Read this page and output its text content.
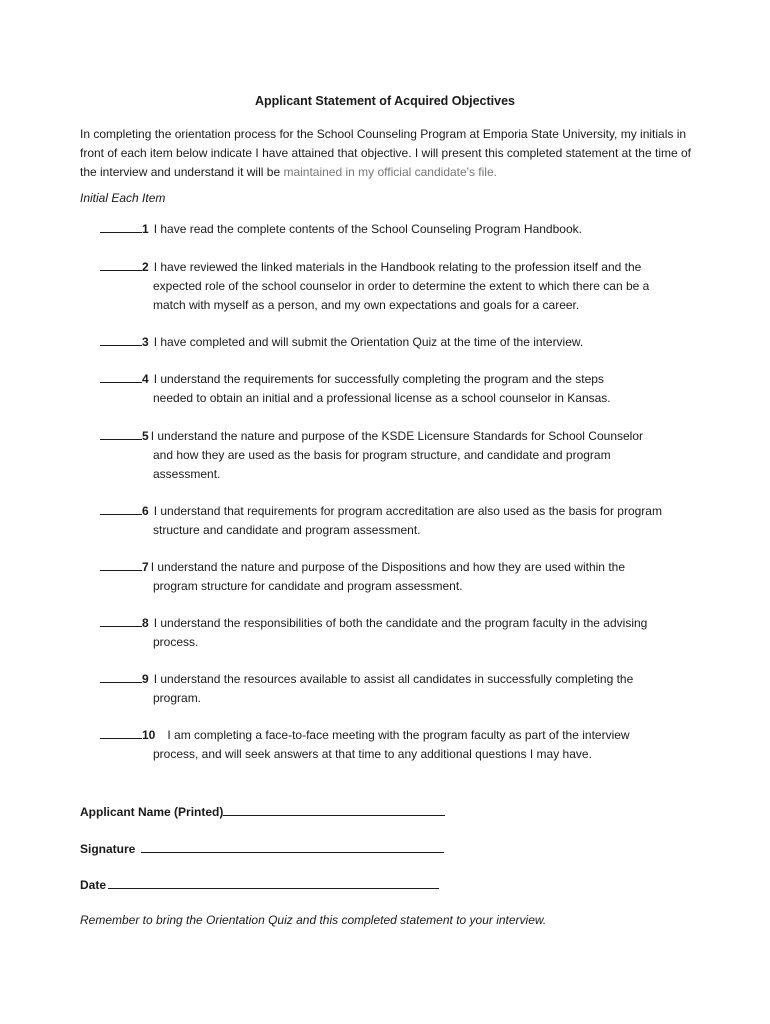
Applicant Statement of Acquired Objectives
In completing the orientation process for the School Counseling Program at Emporia State University, my initials in front of each item below indicate I have attained that objective. I will present this completed statement at the time of the interview and understand it will be maintained in my official candidate's file.
Initial Each Item
1 I have read the complete contents of the School Counseling Program Handbook.
2 I have reviewed the linked materials in the Handbook relating to the profession itself and the
expected role of the school counselor in order to determine the extent to which there can be a
match with myself as a person, and my own expectations and goals for a career.
3 I have completed and will submit the Orientation Quiz at the time of the interview.
4 I understand the requirements for successfully completing the program and the steps
needed to obtain an initial and a professional license as a school counselor in Kansas.
5 I understand the nature and purpose of the KSDE Licensure Standards for School Counselor
and how they are used as the basis for program structure, and candidate and program
assessment.
6 I understand that requirements for program accreditation are also used as the basis for program
structure and candidate and program assessment.
7 I understand the nature and purpose of the Dispositions and how they are used within the
program structure for candidate and program assessment.
8 I understand the responsibilities of both the candidate and the program faculty in the advising
process.
9 I understand the resources available to assist all candidates in successfully completing the
program.
10 I am completing a face-to-face meeting with the program faculty as part of the interview
process, and will seek answers at that time to any additional questions I may have.
Applicant Name (Printed)
Signature
Date
Remember to bring the Orientation Quiz and this completed statement to your interview.
